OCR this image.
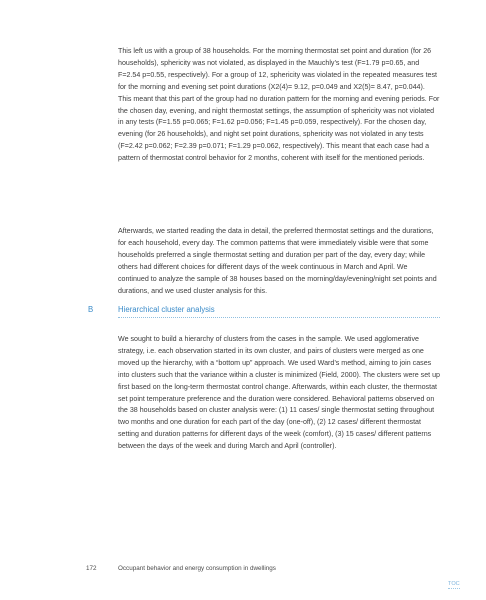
This left us with a group of 38 households. For the morning thermostat set point and duration (for 26 households), sphericity was not violated, as displayed in the Mauchly’s test (F=1.79 p=0.65, and F=2.54 p=0.55, respectively). For a group of 12, sphericity was violated in the repeated measures test for the morning and evening set point durations (X2(4)= 9.12, p=0.049 and X2(5)= 8.47, p=0.044). This meant that this part of the group had no duration pattern for the morning and evening periods. For the chosen day, evening, and night thermostat settings, the assumption of sphericity was not violated in any tests (F=1.55 p=0.065; F=1.62 p=0.056; F=1.45 p=0.059, respectively). For the chosen day, evening (for 26 households), and night set point durations, sphericity was not violated in any tests (F=2.42 p=0.062; F=2.39 p=0.071; F=1.29 p=0.062, respectively). This meant that each case had a pattern of thermostat control behavior for 2 months, coherent with itself for the mentioned periods.

Afterwards, we started reading the data in detail, the preferred thermostat settings and the durations, for each household, every day. The common patterns that were immediately visible were that some households preferred a single thermostat setting and duration per part of the day, every day; while others had different choices for different days of the week continuous in March and April. We continued to analyze the sample of 38 houses based on the morning/day/evening/night set points and durations, and we used cluster analysis for this.

B	Hierarchical cluster analysis

We sought to build a hierarchy of clusters from the cases in the sample. We used agglomerative strategy, i.e. each observation started in its own cluster, and pairs of clusters were merged as one moved up the hierarchy, with a “bottom up” approach. We used Ward’s method, aiming to join cases into clusters such that the variance within a cluster is minimized (Field, 2000). The clusters were set up first based on the long-term thermostat control change. Afterwards, within each cluster, the thermostat set point temperature preference and the duration were considered. Behavioral patterns observed on the 38 households based on cluster analysis were: (1) 11 cases/ single thermostat setting throughout two months and one duration for each part of the day (one-off), (2) 12 cases/ different thermostat setting and duration patterns for different days of the week (comfort), (3) 15 cases/ different patterns between the days of the week and during March and April (controller).

172	Occupant behavior and energy consumption in dwellings
TOC
